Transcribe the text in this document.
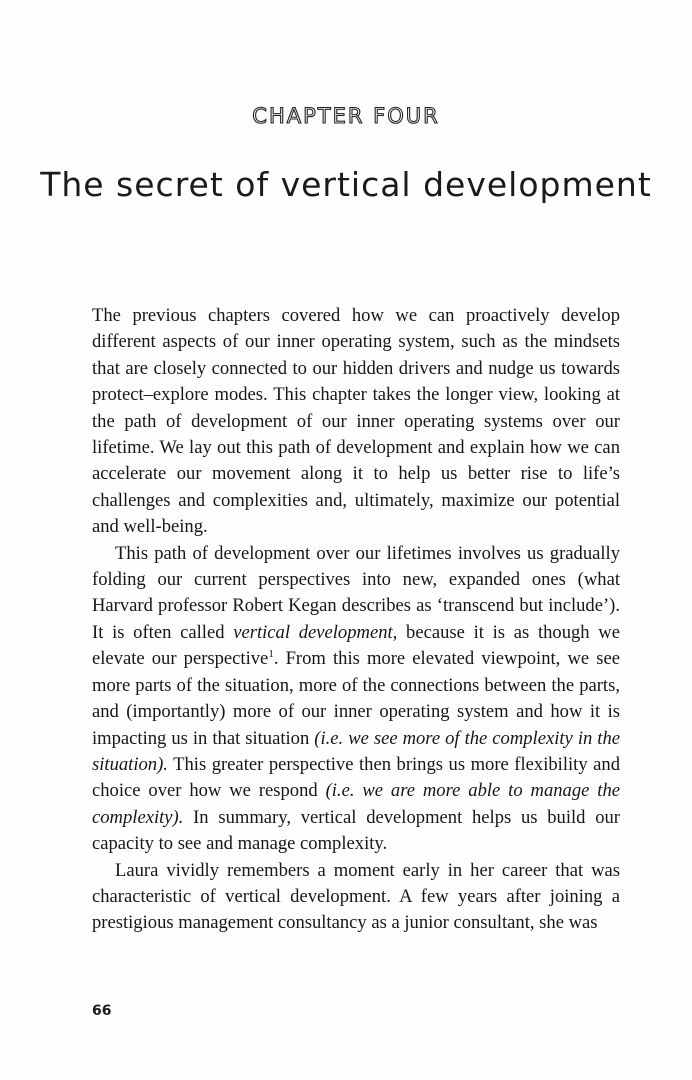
CHAPTER FOUR
The secret of vertical development

The previous chapters covered how we can proactively develop different aspects of our inner operating system, such as the mindsets that are closely connected to our hidden drivers and nudge us towards protect–explore modes. This chapter takes the longer view, looking at the path of development of our inner operating systems over our lifetime. We lay out this path of development and explain how we can accelerate our movement along it to help us better rise to life’s challenges and complexities and, ultimately, maximize our potential and well-being.

This path of development over our lifetimes involves us gradually folding our current perspectives into new, expanded ones (what Harvard professor Robert Kegan describes as ‘transcend but include’). It is often called vertical development, because it is as though we elevate our perspective$^1$. From this more elevated viewpoint, we see more parts of the situation, more of the connections between the parts, and (importantly) more of our inner operating system and how it is impacting us in that situation (i.e. we see more of the complexity in the situation). This greater perspective then brings us more flexibility and choice over how we respond (i.e. we are more able to manage the complexity). In summary, vertical development helps us build our capacity to see and manage complexity.

Laura vividly remembers a moment early in her career that was characteristic of vertical development. A few years after joining a prestigious management consultancy as a junior consultant, she was

66
